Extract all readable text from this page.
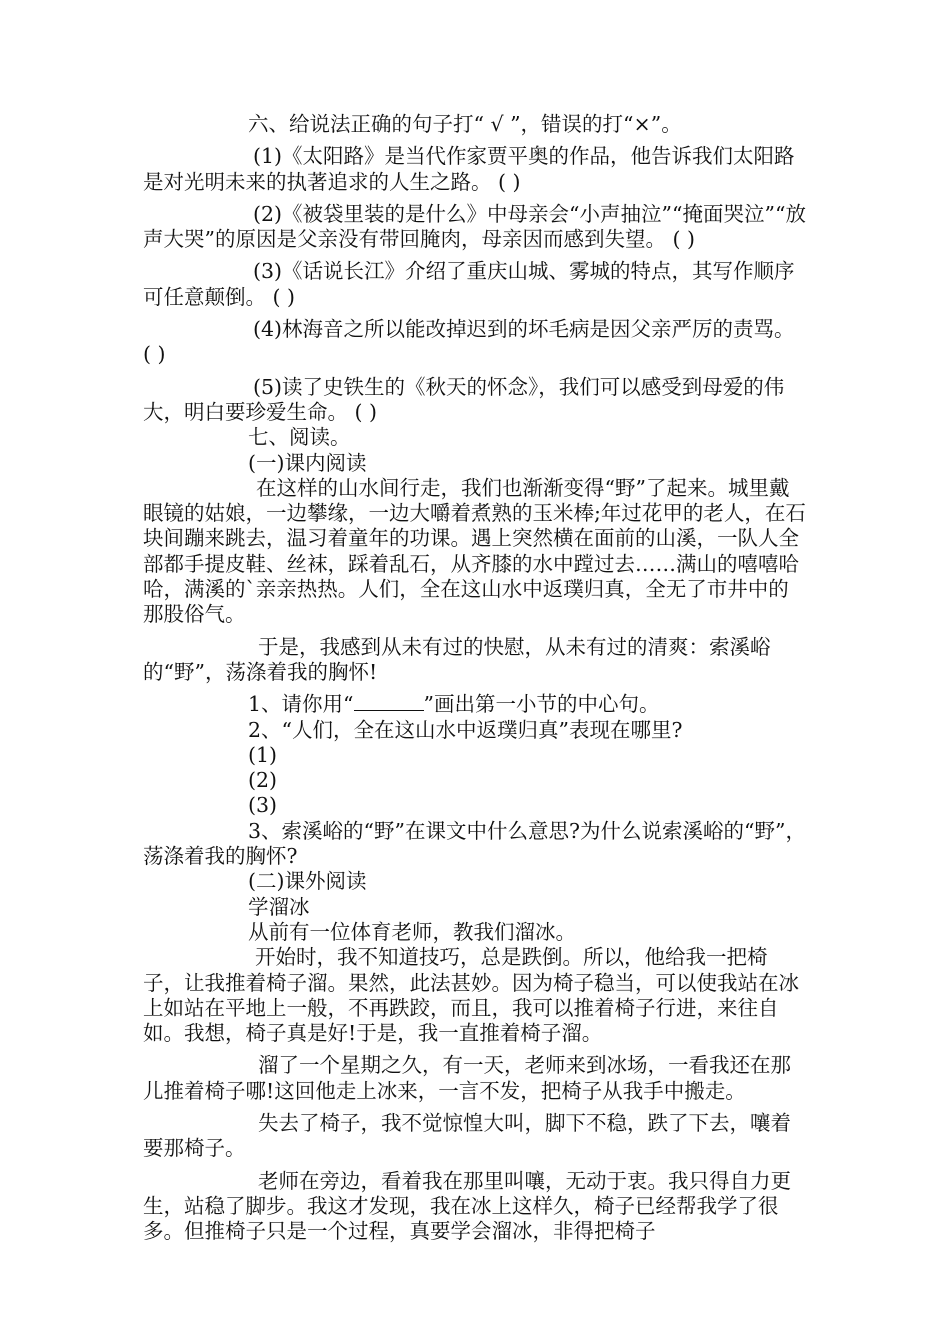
六、给说法正确的句子打“ √ ”，错误的打“×”。

(1)《太阳路》是当代作家贾平奥的作品，他告诉我们太阳路是对光明未来的执著追求的人生之路。 ( )

(2)《被袋里装的是什么》中母亲会“小声抽泣”“掩面哭泣”“放声大哭”的原因是父亲没有带回腌肉，母亲因而感到失望。 ( )

(3)《话说长江》介绍了重庆山城、雾城的特点，其写作顺序可任意颠倒。 ( )

(4)林海音之所以能改掉迟到的坏毛病是因父亲严厉的责骂。 ( )

(5)读了史铁生的《秋天的怀念》，我们可以感受到母爱的伟大，明白要珍爱生命。 ( )

七、阅读。

(一)课内阅读

在这样的山水间行走，我们也渐渐变得“野”了起来。城里戴眼镜的姑娘，一边攀缘，一边大嚼着煮熟的玉米棒;年过花甲的老人，在石块间蹦来跳去，温习着童年的功课。遇上突然横在面前的山溪，一队人全部都手提皮鞋、丝袜，踩着乱石，从齐膝的水中蹚过去……满山的嘻嘻哈哈，满溪的`亲亲热热。人们，全在这山水中返璞归真，全无了市井中的那股俗气。

于是，我感到从未有过的快慰，从未有过的清爽：索溪峪的“野”，荡涤着我的胸怀!

1、请你用“	”画出第一小节的中心句。

2、“人们，全在这山水中返璞归真”表现在哪里?

(1)

(2)

(3)

3、索溪峪的“野”在课文中什么意思?为什么说索溪峪的“野”，荡涤着我的胸怀?

(二)课外阅读

学溜冰

从前有一位体育老师，教我们溜冰。

开始时，我不知道技巧，总是跌倒。所以，他给我一把椅子，让我推着椅子溜。果然，此法甚妙。因为椅子稳当，可以使我站在冰上如站在平地上一般，不再跌跤，而且，我可以推着椅子行进，来往自如。我想，椅子真是好!于是，我一直推着椅子溜。

溜了一个星期之久，有一天，老师来到冰场，一看我还在那儿推着椅子哪!这回他走上冰来，一言不发，把椅子从我手中搬走。

失去了椅子，我不觉惊惶大叫，脚下不稳，跌了下去，嚷着要那椅子。

老师在旁边，看着我在那里叫嚷，无动于衷。我只得自力更生，站稳了脚步。我这才发现，我在冰上这样久，椅子已经帮我学了很多。但推椅子只是一个过程，真要学会溜冰，非得把椅子
